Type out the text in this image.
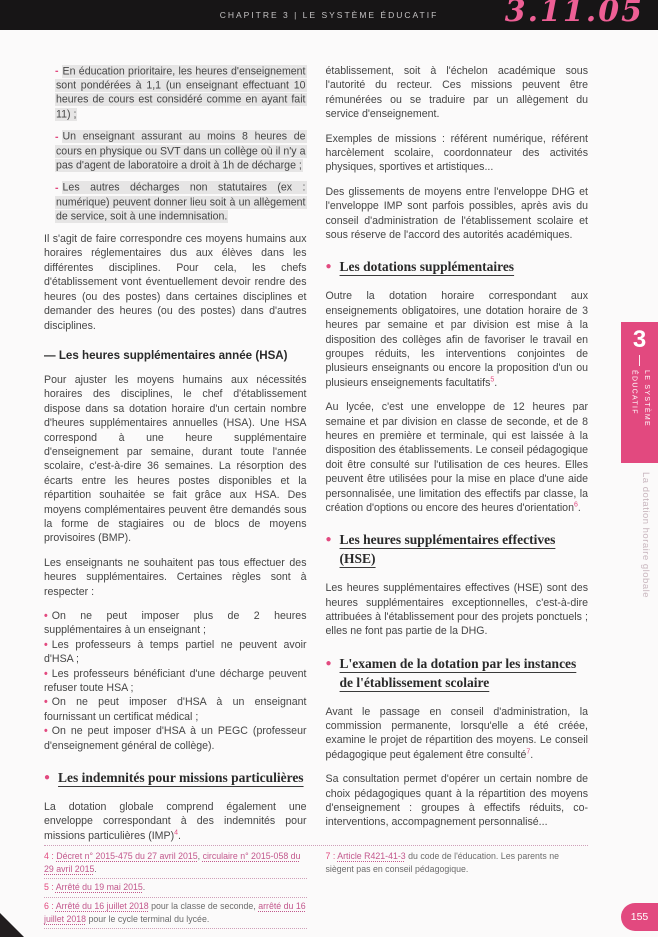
CHAPITRE 3 | LE SYSTÈME ÉDUCATIF	3.11.05

- En éducation prioritaire, les heures d'enseignement sont pondérées à 1,1 (un enseignant effectuant 10 heures de cours est considéré comme en ayant fait 11) ;

- Un enseignant assurant au moins 8 heures de cours en physique ou SVT dans un collège où il n'y a pas d'agent de laboratoire a droit à 1h de décharge ;

- Les autres décharges non statutaires (ex : numérique) peuvent donner lieu soit à un allègement de service, soit à une indemnisation.

Il s'agit de faire correspondre ces moyens humains aux horaires réglementaires dus aux élèves dans les différentes disciplines. Pour cela, les chefs d'établissement vont éventuellement devoir rendre des heures (ou des postes) dans certaines disciplines et demander des heures (ou des postes) dans d'autres disciplines.

— Les heures supplémentaires année (HSA)

Pour ajuster les moyens humains aux nécessités horaires des disciplines, le chef d'établissement dispose dans sa dotation horaire d'un certain nombre d'heures supplémentaires annuelles (HSA). Une HSA correspond à une heure supplémentaire d'enseignement par semaine, durant toute l'année scolaire, c'est-à-dire 36 semaines. La résorption des écarts entre les heures postes disponibles et la répartition souhaitée se fait grâce aux HSA. Des moyens complémentaires peuvent être demandés sous la forme de stagiaires ou de blocs de moyens provisoires (BMP).

Les enseignants ne souhaitent pas tous effectuer des heures supplémentaires. Certaines règles sont à respecter :

• On ne peut imposer plus de 2 heures supplémentaires à un enseignant ;
• Les professeurs à temps partiel ne peuvent avoir d'HSA ;
• Les professeurs bénéficiant d'une décharge peuvent refuser toute HSA ;
• On ne peut imposer d'HSA à un enseignant fournissant un certificat médical ;
• On ne peut imposer d'HSA à un PEGC (professeur d'enseignement général de collège).
● Les indemnités pour missions particulières

La dotation globale comprend également une enveloppe correspondant à des indemnités pour missions particulières (IMP)$^4$.

établissement, soit à l'échelon académique sous l'autorité du recteur. Ces missions peuvent être rémunérées ou se traduire par un allègement du service d'enseignement.

Exemples de missions : référent numérique, référent harcèlement scolaire, coordonnateur des activités physiques, sportives et artistiques...

Des glissements de moyens entre l'enveloppe DHG et l'enveloppe IMP sont parfois possibles, après avis du conseil d'administration de l'établissement scolaire et sous réserve de l'accord des autorités académiques.

● Les dotations supplémentaires

Outre la dotation horaire correspondant aux enseignements obligatoires, une dotation horaire de 3 heures par semaine et par division est mise à la disposition des collèges afin de favoriser le travail en groupes réduits, les interventions conjointes de plusieurs enseignants ou encore la proposition d'un ou plusieurs enseignements facultatifs$^5$.

Au lycée, c'est une enveloppe de 12 heures par semaine et par division en classe de seconde, et de 8 heures en première et terminale, qui est laissée à la disposition des établissements. Le conseil pédagogique doit être consulté sur l'utilisation de ces heures. Elles peuvent être utilisées pour la mise en place d'une aide personnalisée, une limitation des effectifs par classe, la création d'options ou encore des heures d'orientation$^6$.

● Les heures supplémentaires effectives (HSE)

Les heures supplémentaires effectives (HSE) sont des heures supplémentaires exceptionnelles, c'est-à-dire attribuées à l'établissement pour des projets ponctuels ; elles ne font pas partie de la DHG.

● L'examen de la dotation par les instances de l'établissement scolaire

Avant le passage en conseil d'administration, la commission permanente, lorsqu'elle a été créée, examine le projet de répartition des moyens. Le conseil pédagogique peut également être consulté$^7$.

Sa consultation permet d'opérer un certain nombre de choix pédagogiques quant à la répartition des moyens d'enseignement : groupes à effectifs réduits, co-interventions, accompagnement personnalisé...

3
LE SYSTÈME ÉDUCATIF
La dotation horaire globale
4 : Décret n° 2015-475 du 27 avril 2015, circulaire n° 2015-058 du 29 avril 2015.
5 : Arrêté du 19 mai 2015.
6 : Arrêté du 16 juillet 2018 pour la classe de seconde, arrêté du 16 juillet 2018 pour le cycle terminal du lycée.
7 : Article R421-41-3 du code de l'éducation. Les parents ne siègent pas en conseil pédagogique.
155
